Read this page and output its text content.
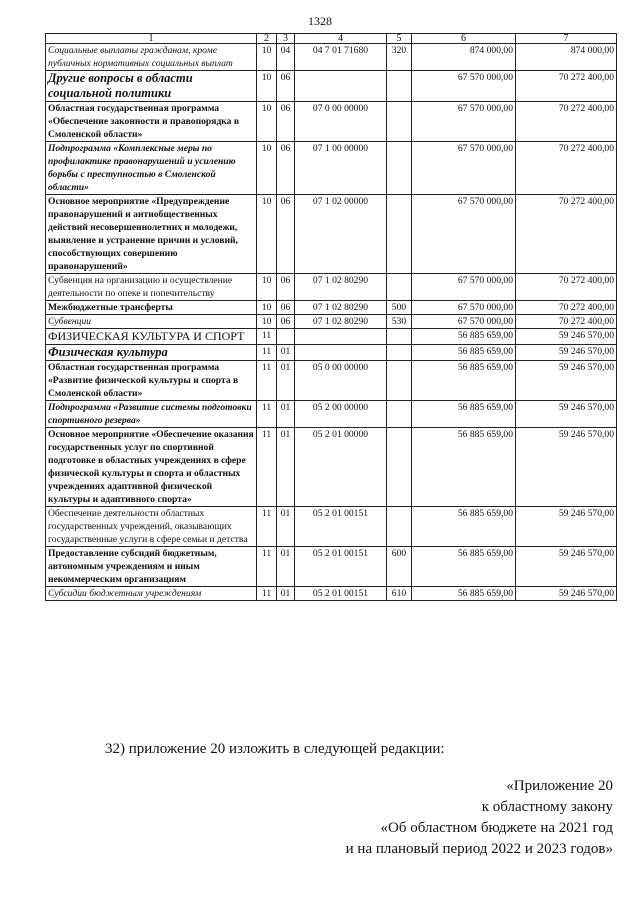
1328
1	2	3	4	5	6	7
Социальные выплаты гражданам, кроме публичных нормативных социальных выплат	10	04	04 7 01 71680	320	874 000,00	874 000,00
Другие вопросы в области социальной политики	10	06			67 570 000,00	70 272 400,00
Областная государственная программа «Обеспечение законности и правопорядка в Смоленской области»	10	06	07 0 00 00000		67 570 000,00	70 272 400,00
Подпрограмма «Комплексные меры по профилактике правонарушений и усилению борьбы с преступностью в Смоленской области»	10	06	07 1 00 00000		67 570 000,00	70 272 400,00
Основное мероприятие «Предупреждение правонарушений и антиобщественных действий несовершеннолетних и молодежи, выявление и устранение причин и условий, способствующих совершению правонарушений»	10	06	07 1 02 00000		67 570 000,00	70 272 400,00
Субвенция на организацию и осуществление деятельности по опеке и попечительству	10	06	07 1 02 80290		67 570 000,00	70 272 400,00
Межбюджетные трансферты	10	06	07 1 02 80290	500	67 570 000,00	70 272 400,00
Субвенции	10	06	07 1 02 80290	530	67 570 000,00	70 272 400,00
ФИЗИЧЕСКАЯ КУЛЬТУРА И СПОРТ	11				56 885 659,00	59 246 570,00
Физическая культура	11	01			56 885 659,00	59 246 570,00
Областная государственная программа «Развитие физической культуры и спорта в Смоленской области»	11	01	05 0 00 00000		56 885 659,00	59 246 570,00
Подпрограмма «Развитие системы подготовки спортивного резерва»	11	01	05 2 00 00000		56 885 659,00	59 246 570,00
Основное мероприятие «Обеспечение оказания государственных услуг по спортивной подготовке в областных учреждениях в сфере физической культуры и спорта и областных учреждениях адаптивной физической культуры и адаптивного спорта»	11	01	05 2 01 00000		56 885 659,00	59 246 570,00
Обеспечение деятельности областных государственных учреждений, оказывающих государственные услуги в сфере семьи и детства	11	01	05 2 01 00151		56 885 659,00	59 246 570,00
Предоставление субсидий бюджетным, автономным учреждениям и иным некоммерческим организациям	11	01	05 2 01 00151	600	56 885 659,00	59 246 570,00
Субсидии бюджетным учреждениям	11	01	05 2 01 00151	610	56 885 659,00	59 246 570,00
32) приложение 20 изложить в следующей редакции:
«Приложение 20
к областному закону
«Об областном бюджете на 2021 год
и на плановый период 2022 и 2023 годов»
